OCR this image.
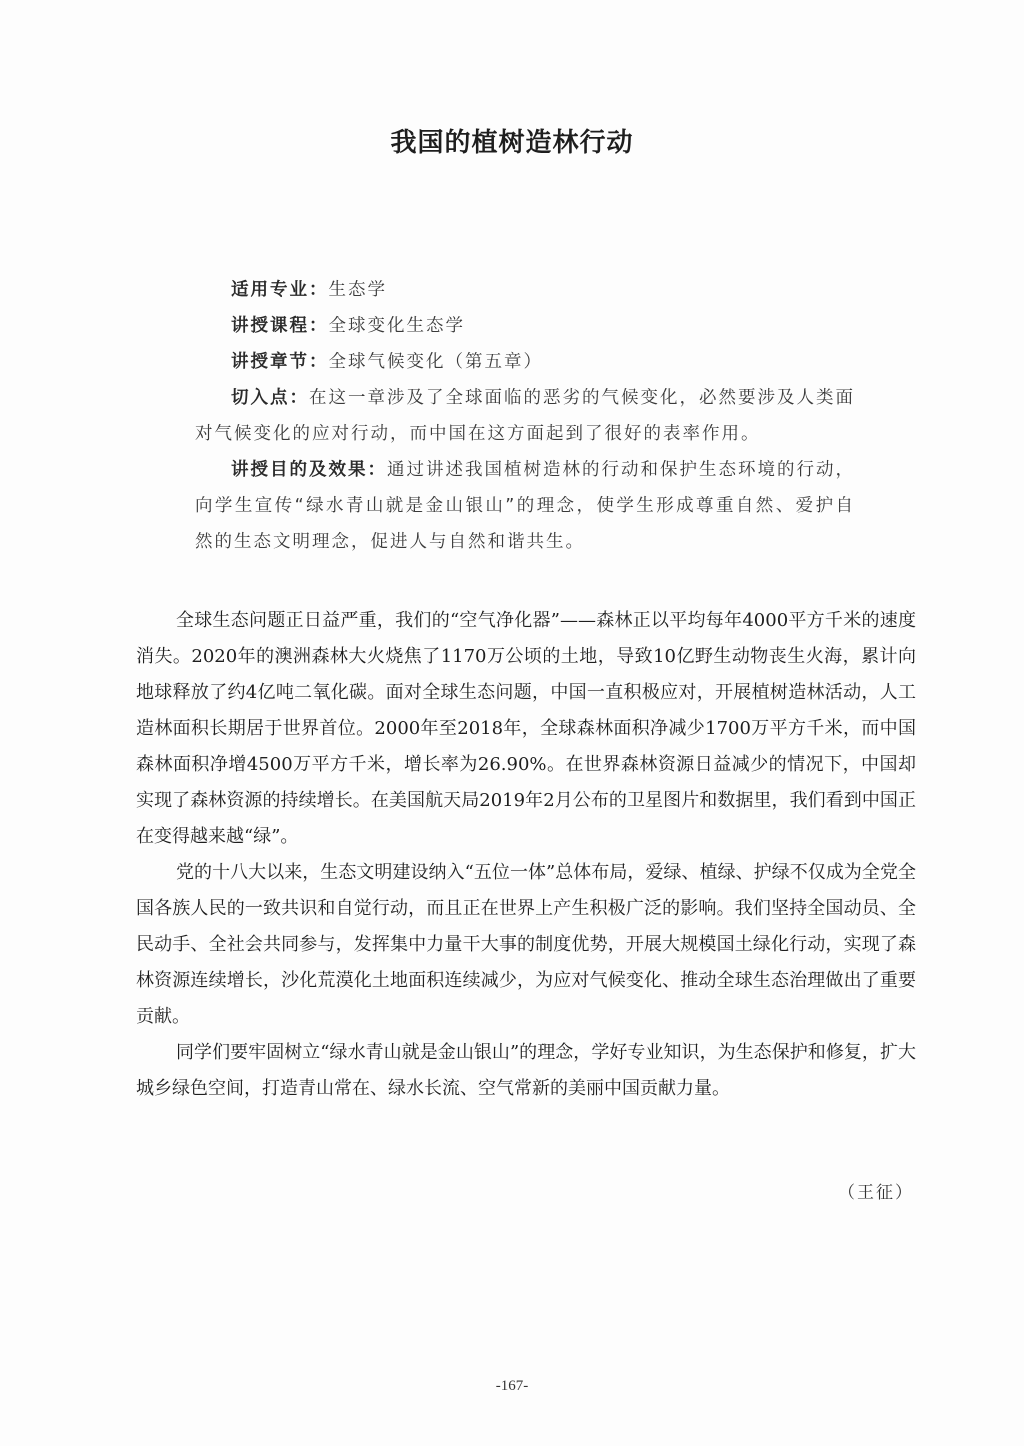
我国的植树造林行动

适用专业：生态学

讲授课程：全球变化生态学

讲授章节：全球气候变化（第五章）

切入点：在这一章涉及了全球面临的恶劣的气候变化，必然要涉及人类面对气候变化的应对行动，而中国在这方面起到了很好的表率作用。

讲授目的及效果：通过讲述我国植树造林的行动和保护生态环境的行动，向学生宣传“绿水青山就是金山银山”的理念，使学生形成尊重自然、爱护自然的生态文明理念，促进人与自然和谐共生。

全球生态问题正日益严重，我们的“空气净化器”——森林正以平均每年4000平方千米的速度消失。2020年的澳洲森林大火烧焦了1170万公顷的土地，导致10亿野生动物丧生火海，累计向地球释放了约4亿吨二氧化碳。面对全球生态问题，中国一直积极应对，开展植树造林活动，人工造林面积长期居于世界首位。2000年至2018年，全球森林面积净减少1700万平方千米，而中国森林面积净增4500万平方千米，增长率为26.90%。在世界森林资源日益减少的情况下，中国却实现了森林资源的持续增长。在美国航天局2019年2月公布的卫星图片和数据里，我们看到中国正在变得越来越“绿”。

党的十八大以来，生态文明建设纳入“五位一体”总体布局，爱绿、植绿、护绿不仅成为全党全国各族人民的一致共识和自觉行动，而且正在世界上产生积极广泛的影响。我们坚持全国动员、全民动手、全社会共同参与，发挥集中力量干大事的制度优势，开展大规模国土绿化行动，实现了森林资源连续增长，沙化荒漠化土地面积连续减少，为应对气候变化、推动全球生态治理做出了重要贡献。

同学们要牢固树立“绿水青山就是金山银山”的理念，学好专业知识，为生态保护和修复，扩大城乡绿色空间，打造青山常在、绿水长流、空气常新的美丽中国贡献力量。

（王征）
-167-
